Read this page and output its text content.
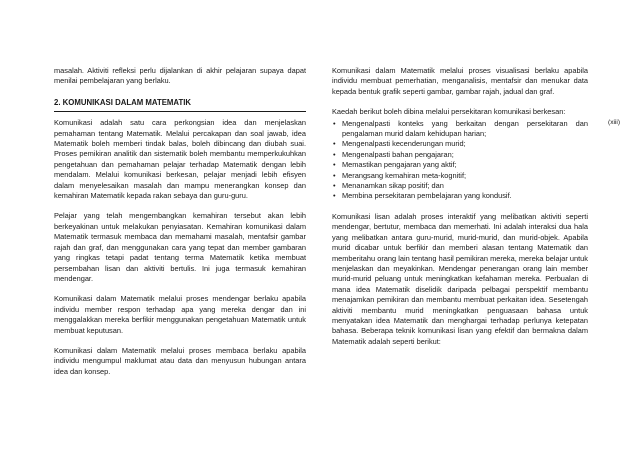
masalah. Aktiviti refleksi perlu dijalankan di akhir pelajaran supaya dapat menilai pembelajaran yang berlaku.

2. KOMUNIKASI DALAM MATEMATIK

Komunikasi adalah satu cara perkongsian idea dan menjelaskan pemahaman tentang Matematik. Melalui percakapan dan soal jawab, idea Matematik boleh memberi tindak balas, boleh dibincang dan diubah suai. Proses pemikiran analitik dan sistematik boleh membantu memperkukuhkan pengetahuan dan pemahaman pelajar terhadap Matematik dengan lebih mendalam. Melalui komunikasi berkesan, pelajar menjadi lebih efisyen dalam menyelesaikan masalah dan mampu menerangkan konsep dan kemahiran Matematik kepada rakan sebaya dan guru-guru.

Pelajar yang telah mengembangkan kemahiran tersebut akan lebih berkeyakinan untuk melakukan penyiasatan. Kemahiran komunikasi dalam Matematik termasuk membaca dan memahami masalah, mentafsir gambar rajah dan graf, dan menggunakan cara yang tepat dan member gambaran yang ringkas tetapi padat tentang terma Matematik ketika membuat persembahan lisan dan aktiviti bertulis. Ini juga termasuk kemahiran mendengar.

Komunikasi dalam Matematik melalui proses mendengar berlaku apabila individu member respon terhadap apa yang mereka dengar dan ini menggalakkan mereka berfikir menggunakan pengetahuan Matematik untuk membuat keputusan.

Komunikasi dalam Matematik melalui proses membaca berlaku apabila individu mengumpul maklumat atau data dan menyusun hubungan antara idea dan konsep.

Komunikasi dalam Matematik melalui proses visualisasi berlaku apabila individu membuat pemerhatian, menganalisis, mentafsir dan menukar data kepada bentuk grafik seperti gambar, gambar rajah, jadual dan graf.

Kaedah berikut boleh dibina melalui persekitaran komunikasi berkesan:

• Mengenalpasti konteks yang berkaitan dengan persekitaran dan pengalaman murid dalam kehidupan harian;
• Mengenalpasti kecenderungan murid;
• Mengenalpasti bahan pengajaran;
• Memastikan pengajaran yang aktif;
• Merangsang kemahiran meta-kognitif;
• Menanamkan sikap positif; dan
• Membina persekitaran pembelajaran yang kondusif.

Komunikasi lisan adalah proses interaktif yang melibatkan aktiviti seperti mendengar, bertutur, membaca dan memerhati. Ini adalah interaksi dua hala yang melibatkan antara guru-murid, murid-murid, dan murid-objek. Apabila murid dicabar untuk berfikir dan memberi alasan tentang Matematik dan memberitahu orang lain tentang hasil pemikiran mereka, mereka belajar untuk menjelaskan dan meyakinkan. Mendengar penerangan orang lain member murid-murid peluang untuk meningkatkan kefahaman mereka. Perbualan di mana idea Matematik diselidik daripada pelbagai perspektif membantu menajamkan pemikiran dan membantu membuat perkaitan idea. Sesetengah aktiviti membantu murid meningkatkan penguasaan bahasa untuk menyatakan idea Matematik dan menghargai terhadap perlunya ketepatan bahasa. Beberapa teknik komunikasi lisan yang efektif dan bermakna dalam Matematik adalah seperti berikut:

(xiii)
